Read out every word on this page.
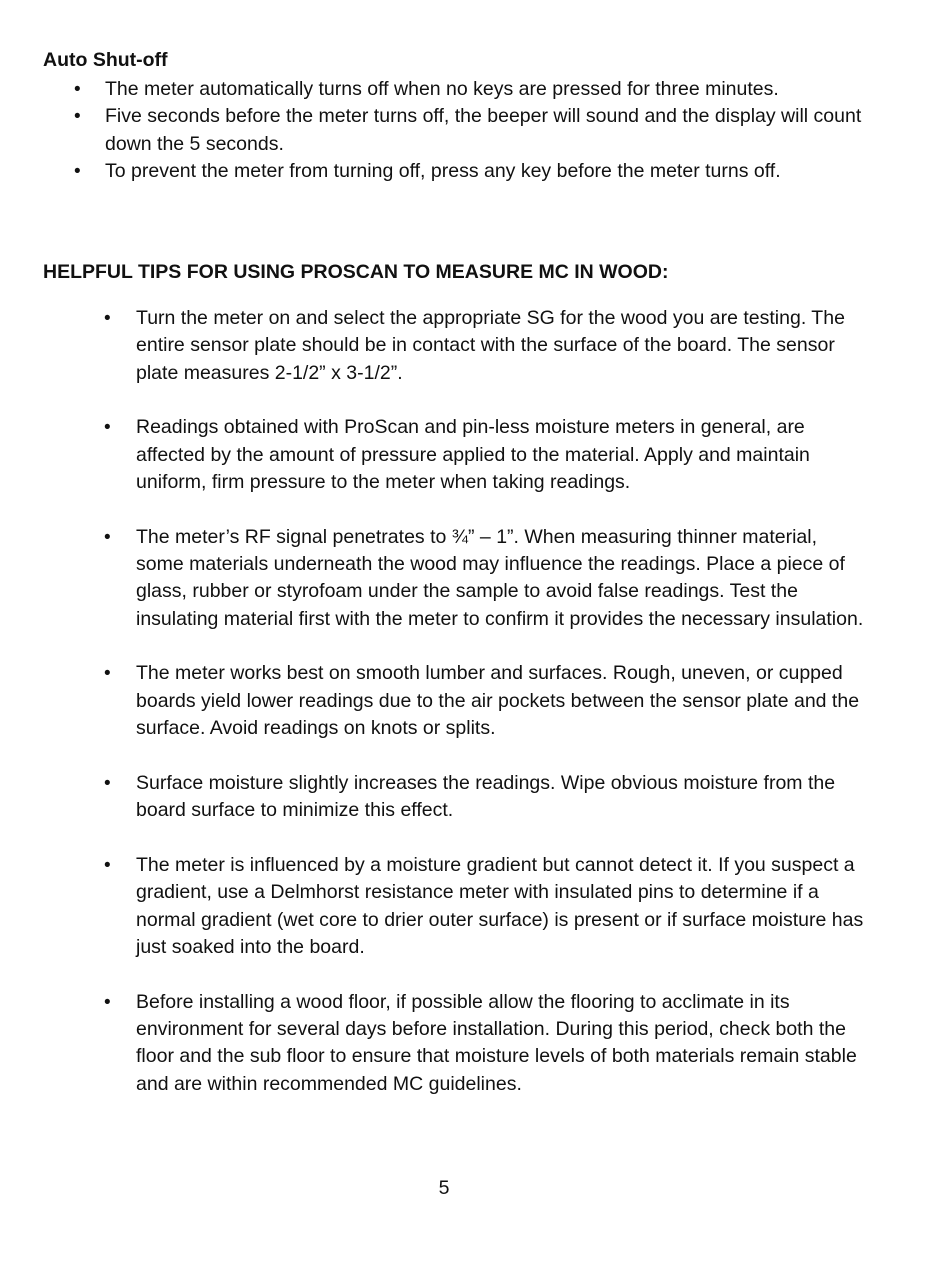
Auto Shut-off
• The meter automatically turns off when no keys are pressed for three minutes.
• Five seconds before the meter turns off, the beeper will sound and the display will count down the 5 seconds.
• To prevent the meter from turning off, press any key before the meter turns off.
HELPFUL TIPS FOR USING PROSCAN TO MEASURE MC IN WOOD:
• Turn the meter on and select the appropriate SG for the wood you are testing. The entire sensor plate should be in contact with the surface of the board. The sensor plate measures 2-1/2” x 3-1/2”.
• Readings obtained with ProScan and pin-less moisture meters in general, are affected by the amount of pressure applied to the material. Apply and maintain uniform, firm pressure to the meter when taking readings.
• The meter’s RF signal penetrates to ¾” – 1”. When measuring thinner material, some materials underneath the wood may influence the readings. Place a piece of glass, rubber or styrofoam under the sample to avoid false readings. Test the insulating material first with the meter to confirm it provides the necessary insulation.
• The meter works best on smooth lumber and surfaces. Rough, uneven, or cupped boards yield lower readings due to the air pockets between the sensor plate and the surface. Avoid readings on knots or splits.
• Surface moisture slightly increases the readings. Wipe obvious moisture from the board surface to minimize this effect.
• The meter is influenced by a moisture gradient but cannot detect it. If you suspect a gradient, use a Delmhorst resistance meter with insulated pins to determine if a normal gradient (wet core to drier outer surface) is present or if surface moisture has just soaked into the board.
• Before installing a wood floor, if possible allow the flooring to acclimate in its environment for several days before installation. During this period, check both the floor and the sub floor to ensure that moisture levels of both materials remain stable and are within recommended MC guidelines.
5
